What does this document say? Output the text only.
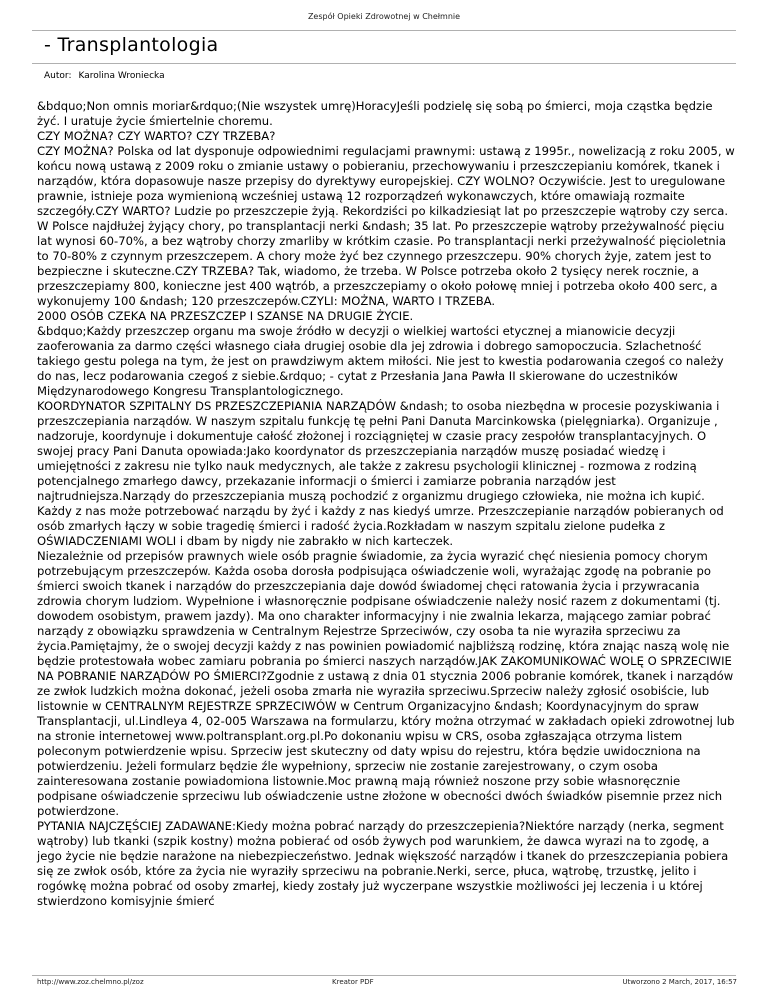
Zespół Opieki Zdrowotnej w Chełmnie
- Transplantologia
Autor: Karolina Wroniecka
&bdquo;Non omnis moriar&rdquo;(Nie wszystek umrę)HoracyJeśli podzielę się sobą po śmierci, moja cząstka będzie żyć. I uratuje życie śmiertelnie choremu.
CZY MOŻNA? CZY WARTO? CZY TRZEBA?
CZY MOŻNA? Polska od lat dysponuje odpowiednimi regulacjami prawnymi: ustawą z 1995r., nowelizacją z roku 2005, w końcu nową ustawą z 2009 roku o zmianie ustawy o pobieraniu, przechowywaniu i przeszczepianiu komórek, tkanek i narządów, która dopasowuje nasze przepisy do dyrektywy europejskiej. CZY WOLNO? Oczywiście. Jest to uregulowane prawnie, istnieje poza wymienioną wcześniej ustawą 12 rozporządzeń wykonawczych, które omawiają rozmaite szczegóły.CZY WARTO? Ludzie po przeszczepie żyją. Rekordziści po kilkadziesiąt lat po przeszczepie wątroby czy serca. W Polsce najdłużej żyjący chory, po transplantacji nerki &ndash; 35 lat. Po przeszczepie wątroby przeżywalność pięciu lat wynosi 60-70%, a bez wątroby chorzy zmarliby w krótkim czasie. Po transplantacji nerki przeżywalność pięcioletnia to 70-80% z czynnym przeszczepem. A chory może żyć bez czynnego przeszczepu. 90% chorych żyje, zatem jest to bezpieczne i skuteczne.CZY TRZEBA? Tak, wiadomo, że trzeba. W Polsce potrzeba około 2 tysięcy nerek rocznie, a przeszczepiamy 800, konieczne jest 400 wątrób, a przeszczepiamy o około połowę mniej i potrzeba około 400 serc, a wykonujemy 100 &ndash; 120 przeszczepów.CZYLI: MOŻNA, WARTO I TRZEBA.
2000 OSÓB CZEKA NA PRZESZCZEP I SZANSE NA DRUGIE ŻYCIE.
&bdquo;Każdy przeszczep organu ma swoje źródło w decyzji o wielkiej wartości etycznej a mianowicie decyzji zaoferowania za darmo części własnego ciała drugiej osobie dla jej zdrowia i dobrego samopoczucia. Szlachetność takiego gestu polega na tym, że jest on prawdziwym aktem miłości. Nie jest to kwestia podarowania czegoś co należy do nas, lecz podarowania czegoś z siebie.&rdquo; - cytat z Przesłania Jana Pawła II skierowane do uczestników Międzynarodowego Kongresu Transplantologicznego.
KOORDYNATOR SZPITALNY DS PRZESZCZEPIANIA NARZĄDÓW &ndash; to osoba niezbędna w procesie pozyskiwania i przeszczepiania narządów. W naszym szpitalu funkcję tę pełni Pani Danuta Marcinkowska (pielęgniarka). Organizuje , nadzoruje, koordynuje i dokumentuje całość złożonej i rozciągniętej w czasie pracy zespołów transplantacyjnych. O swojej pracy Pani Danuta opowiada:Jako koordynator ds przeszczepiania narządów muszę posiadać wiedzę i umiejętności z zakresu nie tylko nauk medycznych, ale także z zakresu psychologii klinicznej - rozmowa z rodziną potencjalnego zmarłego dawcy, przekazanie informacji o śmierci i zamiarze pobrania narządów jest najtrudniejsza.Narządy do przeszczepiania muszą pochodzić z organizmu drugiego człowieka, nie można ich kupić. Każdy z nas może potrzebować narządu by żyć i każdy z nas kiedyś umrze. Przeszczepianie narządów pobieranych od osób zmarłych łączy w sobie tragedię śmierci i radość życia.Rozkładam w naszym szpitalu zielone pudełka z OŚWIADCZENIAMI WOLI i dbam by nigdy nie zabrakło w nich karteczek.
Niezależnie od przepisów prawnych wiele osób pragnie świadomie, za życia wyrazić chęć niesienia pomocy chorym potrzebującym przeszczepów. Każda osoba dorosła podpisująca oświadczenie woli, wyrażając zgodę na pobranie po śmierci swoich tkanek i narządów do przeszczepiania daje dowód świadomej chęci ratowania życia i przywracania zdrowia chorym ludziom. Wypełnione i własnoręcznie podpisane oświadczenie należy nosić razem z dokumentami (tj. dowodem osobistym, prawem jazdy). Ma ono charakter informacyjny i nie zwalnia lekarza, mającego zamiar pobrać narządy z obowiązku sprawdzenia w Centralnym Rejestrze Sprzeciwów, czy osoba ta nie wyraziła sprzeciwu za życia.Pamiętajmy, że o swojej decyzji każdy z nas powinien powiadomić najbliższą rodzinę, która znając naszą wolę nie będzie protestowała wobec zamiaru pobrania po śmierci naszych narządów.JAK ZAKOMUNIKOWAĆ WOLĘ O SPRZECIWIE NA POBRANIE NARZĄDÓW PO ŚMIERCI?Zgodnie z ustawą z dnia 01 stycznia 2006 pobranie komórek, tkanek i narządów ze zwłok ludzkich można dokonać, jeżeli osoba zmarła nie wyraziła sprzeciwu.Sprzeciw należy zgłosić osobiście, lub listownie w CENTRALNYM REJESTRZE SPRZECIWÓW w Centrum Organizacyjno &ndash; Koordynacyjnym do spraw Transplantacji, ul.Lindleya 4, 02-005 Warszawa na formularzu, który można otrzymać w zakładach opieki zdrowotnej lub na stronie internetowej www.poltransplant.org.pl.Po dokonaniu wpisu w CRS, osoba zgłaszająca otrzyma listem poleconym potwierdzenie wpisu. Sprzeciw jest skuteczny od daty wpisu do rejestru, która będzie uwidoczniona na potwierdzeniu. Jeżeli formularz będzie źle wypełniony, sprzeciw nie zostanie zarejestrowany, o czym osoba zainteresowana zostanie powiadomiona listownie.Moc prawną mają również noszone przy sobie własnoręcznie podpisane oświadczenie sprzeciwu lub oświadczenie ustne złożone w obecności dwóch świadków pisemnie przez nich potwierdzone.
PYTANIA NAJCZĘŚCIEJ ZADAWANE:Kiedy można pobrać narządy do przeszczepienia?Niektóre narządy (nerka, segment wątroby) lub tkanki (szpik kostny) można pobierać od osób żywych pod warunkiem, że dawca wyrazi na to zgodę, a jego życie nie będzie narażone na niebezpieczeństwo. Jednak większość narządów i tkanek do przeszczepiania pobiera się ze zwłok osób, które za życia nie wyraziły sprzeciwu na pobranie.Nerki, serce, płuca, wątrobę, trzustkę, jelito i rogówkę można pobrać od osoby zmarłej, kiedy zostały już wyczerpane wszystkie możliwości jej leczenia i u której stwierdzono komisyjnie śmierć
http://www.zoz.chelmno.pl/zoz	Kreator PDF	Utworzono 2 March, 2017, 16:57
